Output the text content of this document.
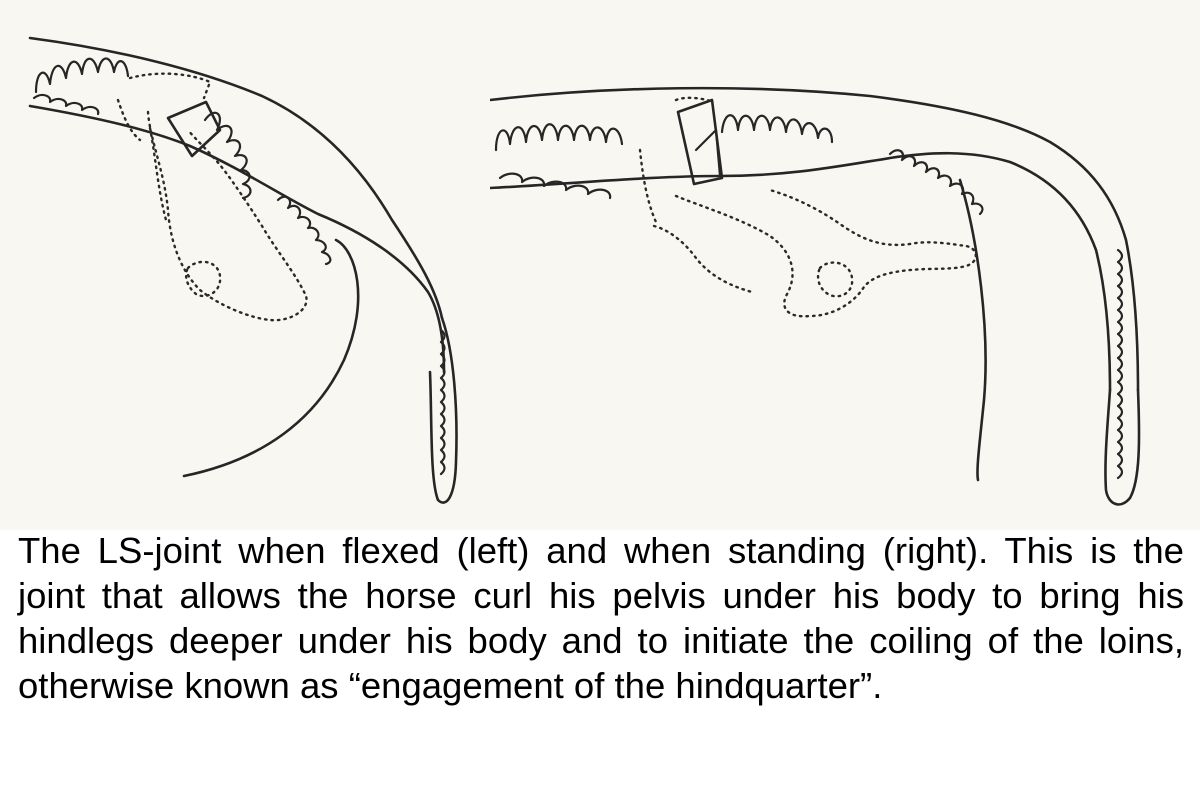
The LS-joint when flexed (left) and when standing (right). This is the joint that allows the horse curl his pelvis under his body to bring his hindlegs deeper under his body and to initiate the coiling of the loins, otherwise known as “engagement of the hindquarter”.
